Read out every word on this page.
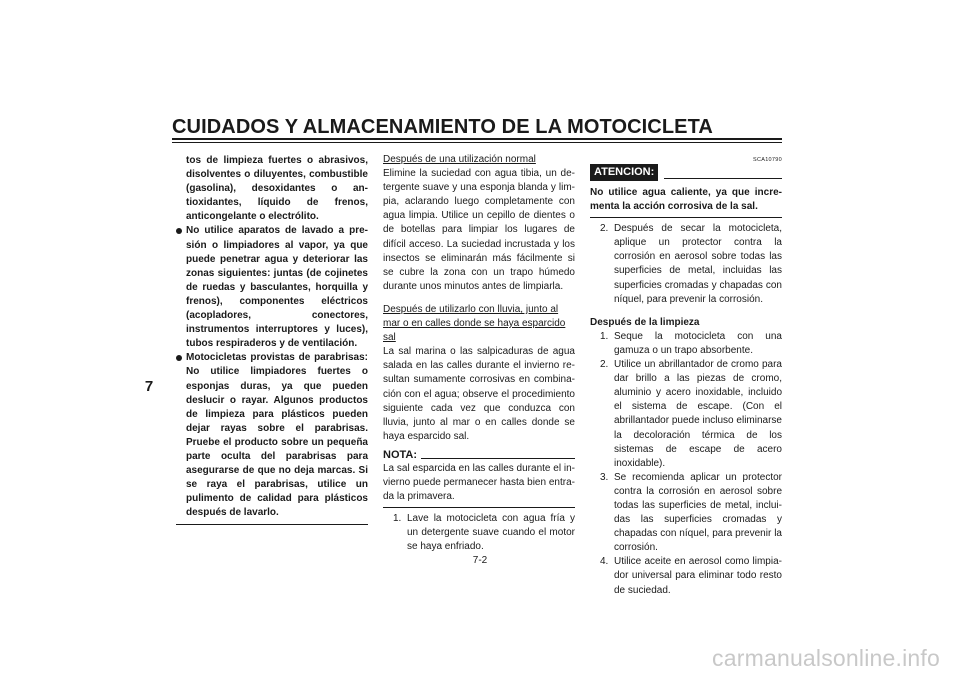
CUIDADOS Y ALMACENAMIENTO DE LA MOTOCICLETA
7
tos de limpieza fuertes o abrasivos, disolventes o diluyentes, combustible (gasolina), desoxidantes o antioxidantes, líquido de frenos, anticongelante o electrólito.
No utilice aparatos de lavado a presión o limpiadores al vapor, ya que puede penetrar agua y deteriorar las zonas siguientes: juntas (de cojinetes de ruedas y basculantes, horquilla y frenos), componentes eléctricos (acopladores, conectores, instrumentos interruptores y luces), tubos respiraderos y de ventilación.
Motocicletas provistas de parabrisas: No utilice limpiadores fuertes o esponjas duras, ya que pueden deslucir o rayar. Algunos productos de limpieza para plásticos pueden dejar rayas sobre el parabrisas. Pruebe el producto sobre un pequeña parte oculta del parabrisas para asegurarse de que no deja marcas. Si se raya el parabrisas, utilice un pulimento de calidad para plásticos después de lavarlo.
Después de una utilización normal
Elimine la suciedad con agua tibia, un detergente suave y una esponja blanda y limpia, aclarando luego completamente con agua limpia. Utilice un cepillo de dientes o de botellas para limpiar los lugares de difícil acceso. La suciedad incrustada y los insectos se eliminarán más fácilmente si se cubre la zona con un trapo húmedo durante unos minutos antes de limpiarla.
Después de utilizarlo con lluvia, junto al mar o en calles donde se haya esparcido sal
La sal marina o las salpicaduras de agua salada en las calles durante el invierno resultan sumamente corrosivas en combinación con el agua; observe el procedimiento siguiente cada vez que conduzca con lluvia, junto al mar o en calles donde se haya esparcido sal.
NOTA:
La sal esparcida en las calles durante el invierno puede permanecer hasta bien entrada la primavera.
1. Lave la motocicleta con agua fría y un detergente suave cuando el motor se haya enfriado.
SCA10790
ATENCION:
No utilice agua caliente, ya que incrementa la acción corrosiva de la sal.
2. Después de secar la motocicleta, aplique un protector contra la corrosión en aerosol sobre todas las superficies de metal, incluidas las superficies cromadas y chapadas con níquel, para prevenir la corrosión.
Después de la limpieza
1. Seque la motocicleta con una gamuza o un trapo absorbente.
2. Utilice un abrillantador de cromo para dar brillo a las piezas de cromo, aluminio y acero inoxidable, incluido el sistema de escape. (Con el abrillantador puede incluso eliminarse la decoloración térmica de los sistemas de escape de acero inoxidable).
3. Se recomienda aplicar un protector contra la corrosión en aerosol sobre todas las superficies de metal, incluidas las superficies cromadas y chapadas con níquel, para prevenir la corrosión.
4. Utilice aceite en aerosol como limpiador universal para eliminar todo resto de suciedad.
7-2
carmanualsonline.info
